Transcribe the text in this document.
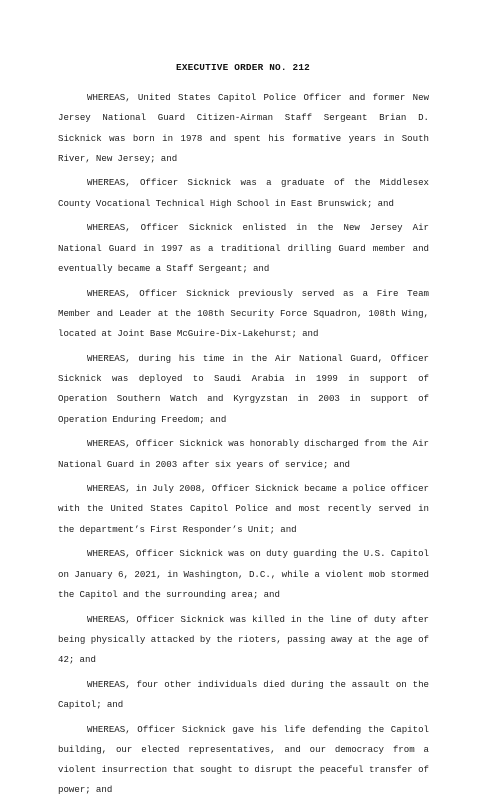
EXECUTIVE ORDER NO. 212

WHEREAS, United States Capitol Police Officer and former New Jersey National Guard Citizen-Airman Staff Sergeant Brian D. Sicknick was born in 1978 and spent his formative years in South River, New Jersey; and

WHEREAS, Officer Sicknick was a graduate of the Middlesex County Vocational Technical High School in East Brunswick; and

WHEREAS, Officer Sicknick enlisted in the New Jersey Air National Guard in 1997 as a traditional drilling Guard member and eventually became a Staff Sergeant; and

WHEREAS, Officer Sicknick previously served as a Fire Team Member and Leader at the 108th Security Force Squadron, 108th Wing, located at Joint Base McGuire-Dix-Lakehurst; and

WHEREAS, during his time in the Air National Guard, Officer Sicknick was deployed to Saudi Arabia in 1999 in support of Operation Southern Watch and Kyrgyzstan in 2003 in support of Operation Enduring Freedom; and

WHEREAS, Officer Sicknick was honorably discharged from the Air National Guard in 2003 after six years of service; and

WHEREAS, in July 2008, Officer Sicknick became a police officer with the United States Capitol Police and most recently served in the department’s First Responder’s Unit; and

WHEREAS, Officer Sicknick was on duty guarding the U.S. Capitol on January 6, 2021, in Washington, D.C., while a violent mob stormed the Capitol and the surrounding area; and

WHEREAS, Officer Sicknick was killed in the line of duty after being physically attacked by the rioters, passing away at the age of 42; and

WHEREAS, four other individuals died during the assault on the Capitol; and

WHEREAS, Officer Sicknick gave his life defending the Capitol building, our elected representatives, and our democracy from a violent insurrection that sought to disrupt the peaceful transfer of power; and
